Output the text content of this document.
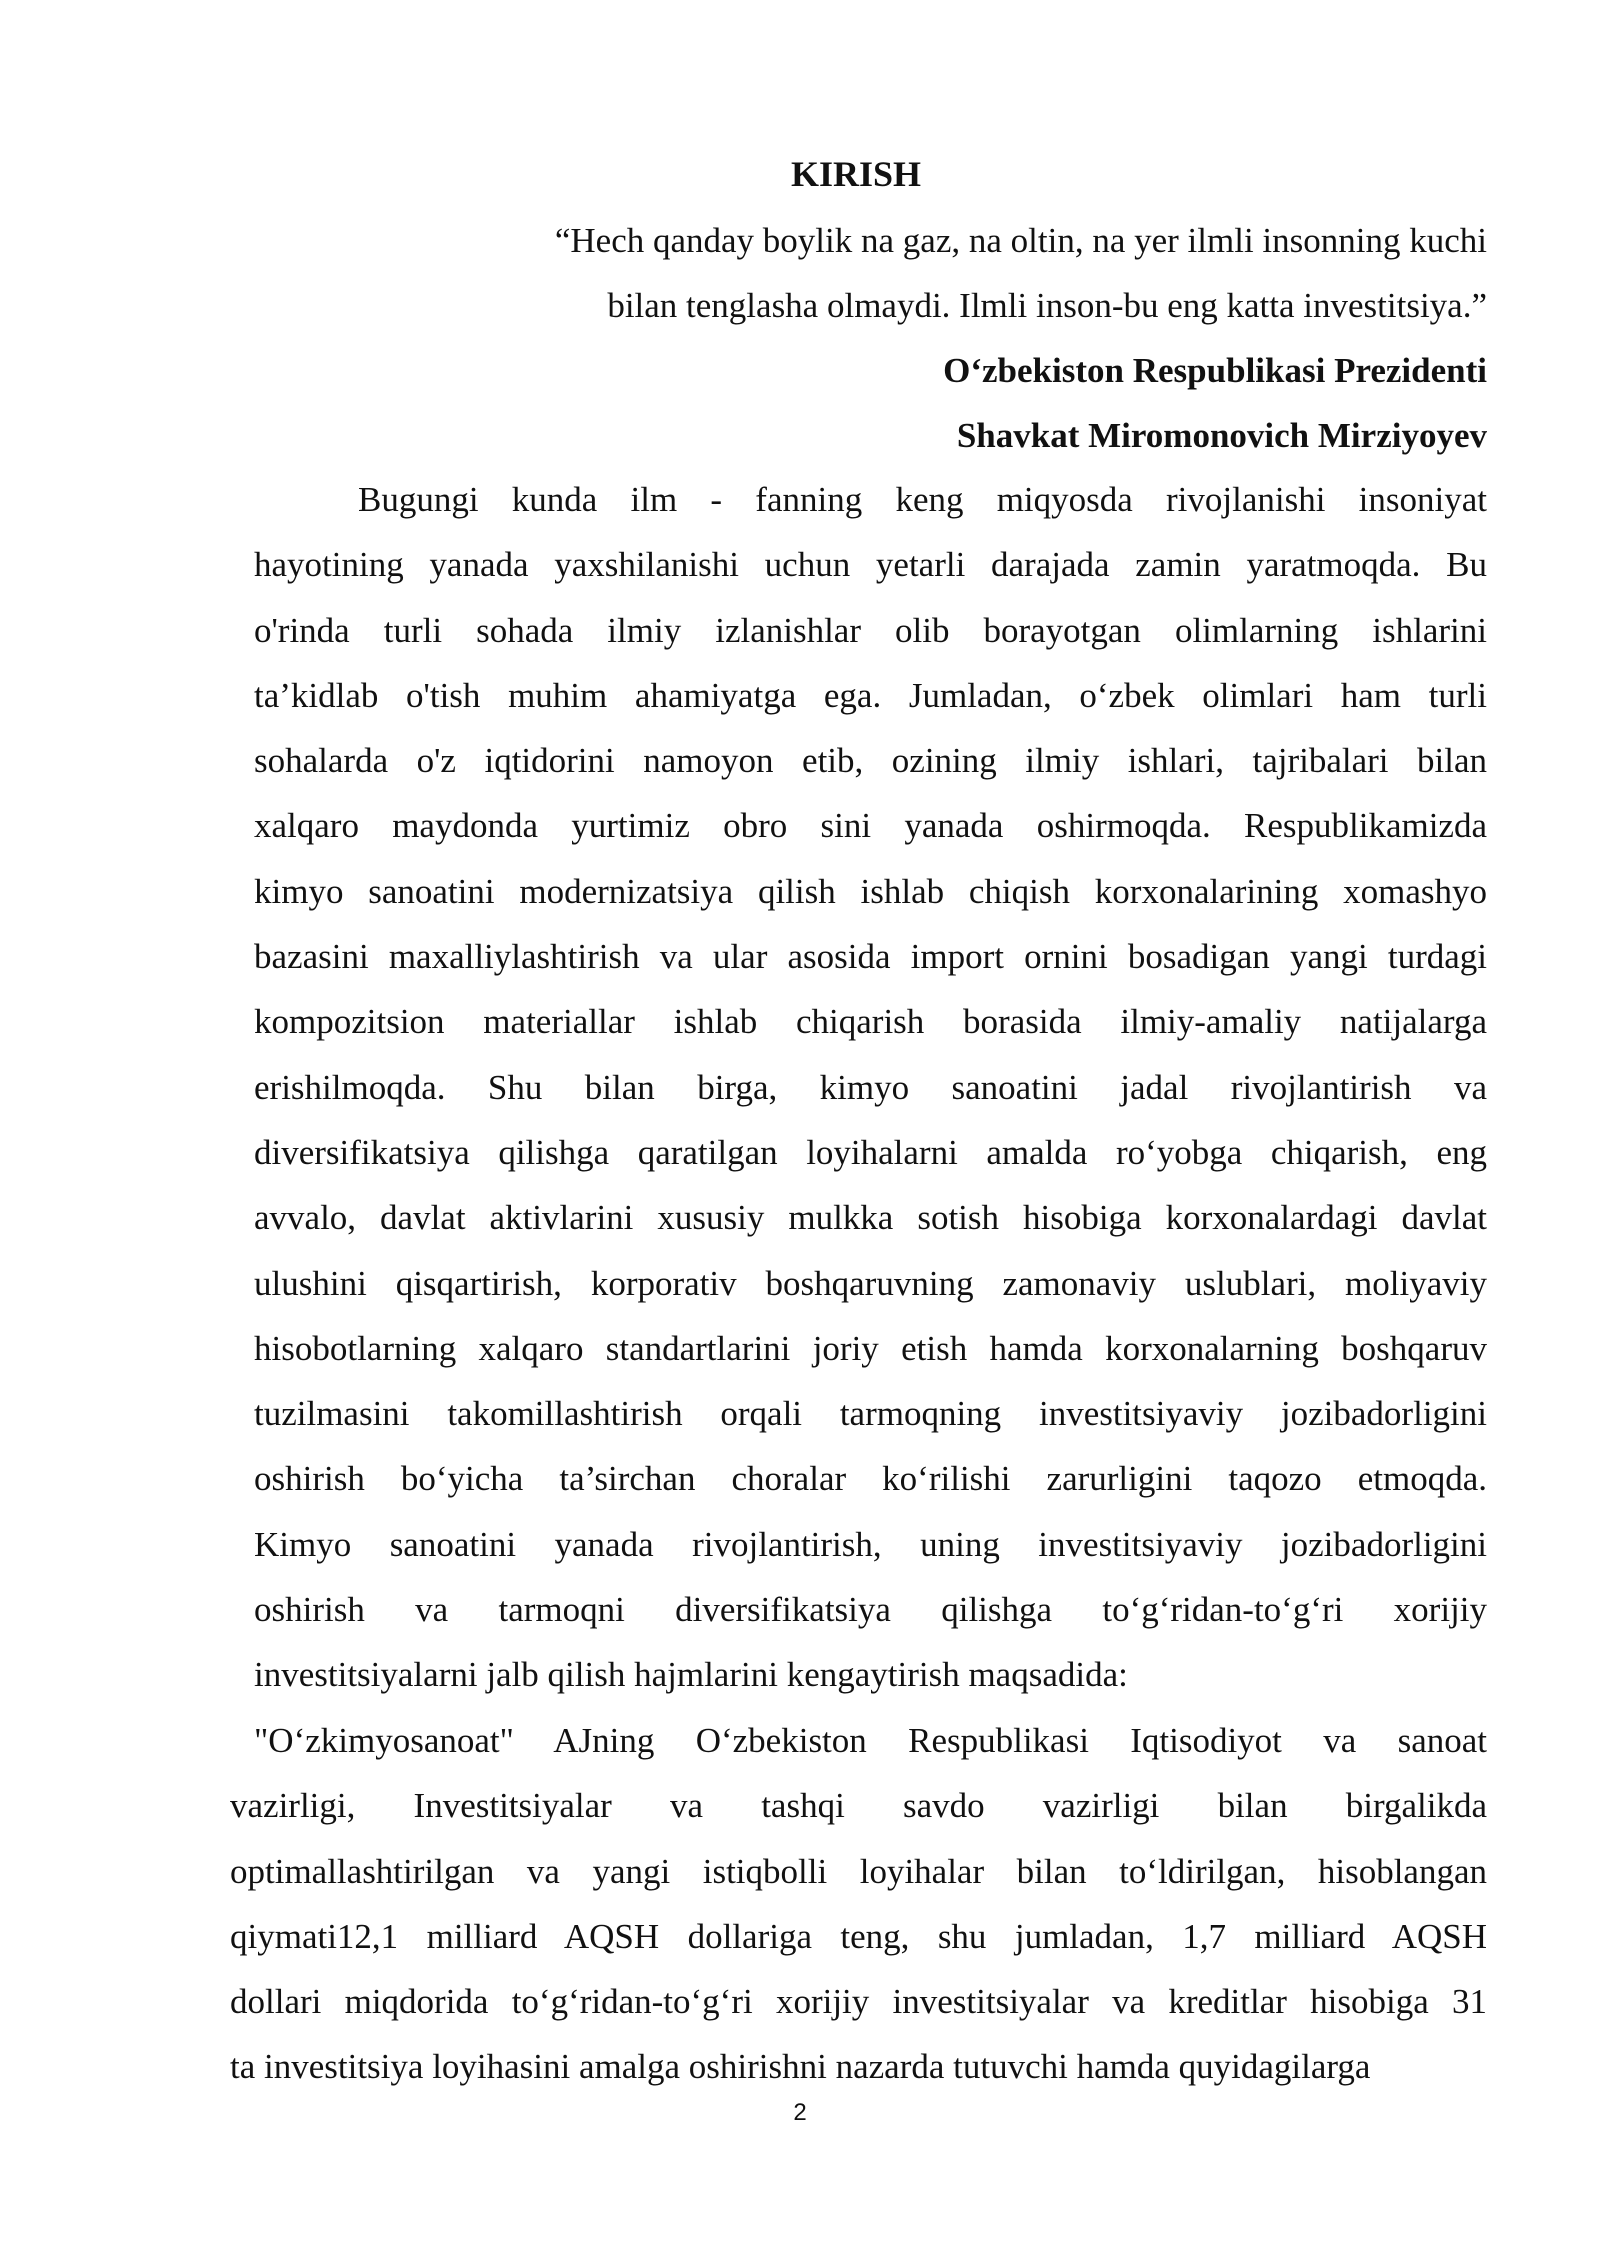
KIRISH
“Hech qanday boylik na gaz, na oltin, na yer ilmli insonning kuchi
bilan tenglasha olmaydi. Ilmli inson-bu eng katta investitsiya.”
O‘zbekiston Respublikasi Prezidenti
Shavkat Miromonovich Mirziyoyev
Bugungi kunda ilm - fanning keng miqyosda rivojlanishi insoniyat
hayotining yanada yaxshilanishi uchun yetarli darajada zamin yaratmoqda. Bu
o'rinda turli sohada ilmiy izlanishlar olib borayotgan olimlarning ishlarini
ta’kidlab o'tish muhim ahamiyatga ega. Jumladan, o‘zbek olimlari ham turli
sohalarda o'z iqtidorini namoyon etib, ozining ilmiy ishlari, tajribalari bilan
xalqaro maydonda yurtimiz obro sini yanada oshirmoqda. Respublikamizda
kimyo sanoatini modernizatsiya qilish ishlab chiqish korxonalarining xomashyo
bazasini maxalliylashtirish va ular asosida import ornini bosadigan yangi turdagi
kompozitsion materiallar ishlab chiqarish borasida ilmiy-amaliy natijalarga
erishilmoqda. Shu bilan birga, kimyo sanoatini jadal rivojlantirish va
diversifikatsiya qilishga qaratilgan loyihalarni amalda ro‘yobga chiqarish, eng
avvalo, davlat aktivlarini xususiy mulkka sotish hisobiga korxonalardagi davlat
ulushini qisqartirish, korporativ boshqaruvning zamonaviy uslublari, moliyaviy
hisobotlarning xalqaro standartlarini joriy etish hamda korxonalarning boshqaruv
tuzilmasini takomillashtirish orqali tarmoqning investitsiyaviy jozibadorligini
oshirish bo‘yicha ta’sirchan choralar ko‘rilishi zarurligini taqozo etmoqda.
Kimyo sanoatini yanada rivojlantirish, uning investitsiyaviy jozibadorligini
oshirish va tarmoqni diversifikatsiya qilishga to‘g‘ridan-to‘g‘ri xorijiy
investitsiyalarni jalb qilish hajmlarini kengaytirish maqsadida:
"O‘zkimyosanoat" AJning O‘zbekiston Respublikasi Iqtisodiyot va sanoat
vazirligi, Investitsiyalar va tashqi savdo vazirligi bilan birgalikda
optimallashtirilgan va yangi istiqbolli loyihalar bilan to‘ldirilgan, hisoblangan
qiymati12,1 milliard AQSH dollariga teng, shu jumladan, 1,7 milliard AQSH
dollari miqdorida to‘g‘ridan-to‘g‘ri xorijiy investitsiyalar va kreditlar hisobiga 31
ta investitsiya loyihasini amalga oshirishni nazarda tutuvchi hamda quyidagilarga
2
